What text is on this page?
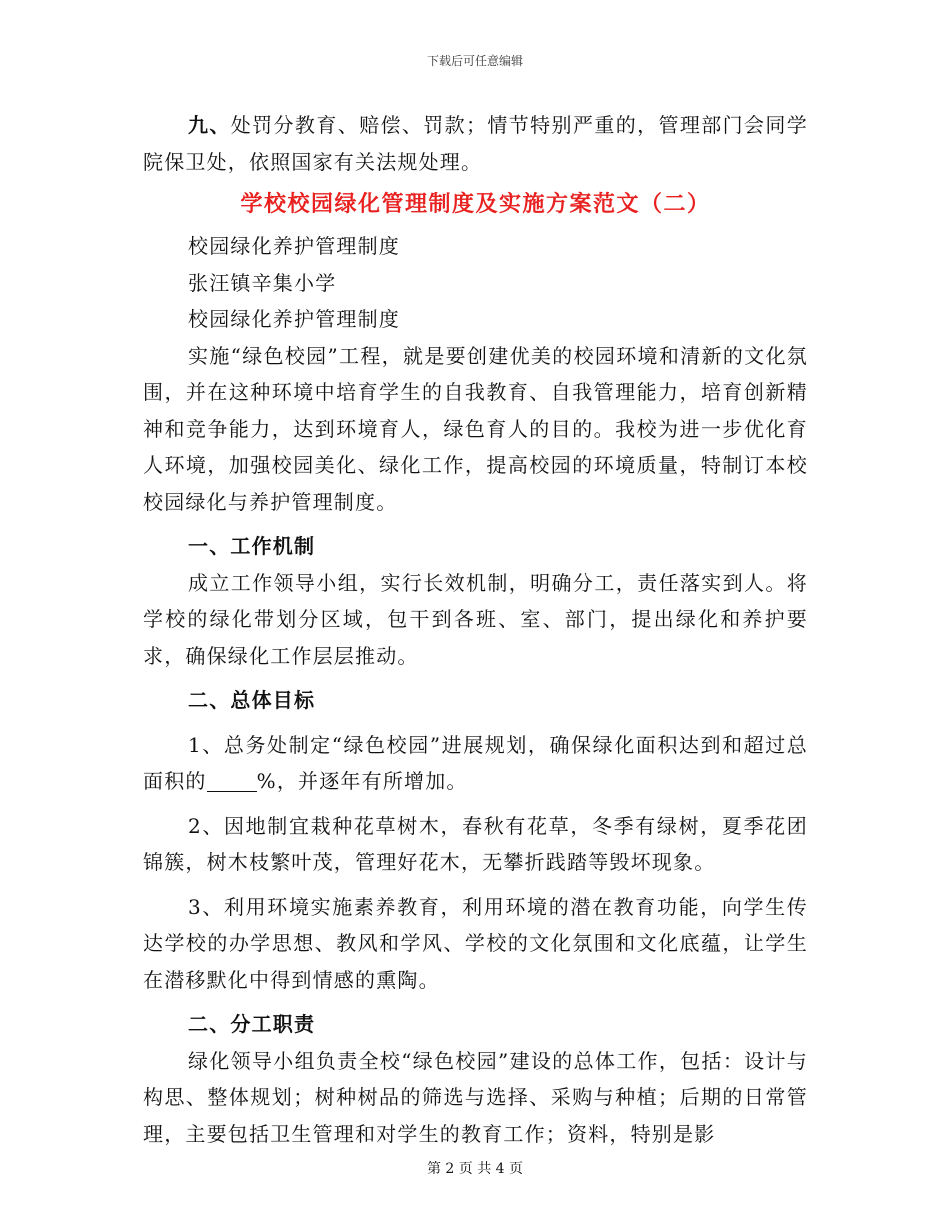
下载后可任意编辑

九、处罚分教育、赔偿、罚款；情节特别严重的，管理部门会同学院保卫处，依照国家有关法规处理。

学校校园绿化管理制度及实施方案范文（二）

校园绿化养护管理制度

张汪镇辛集小学

校园绿化养护管理制度

实施“绿色校园”工程，就是要创建优美的校园环境和清新的文化氛围，并在这种环境中培育学生的自我教育、自我管理能力，培育创新精神和竞争能力，达到环境育人，绿色育人的目的。我校为进一步优化育人环境，加强校园美化、绿化工作，提高校园的环境质量，特制订本校校园绿化与养护管理制度。

一、工作机制

成立工作领导小组，实行长效机制，明确分工，责任落实到人。将学校的绿化带划分区域，包干到各班、室、部门，提出绿化和养护要求，确保绿化工作层层推动。

二、总体目标

1、总务处制定“绿色校园”进展规划，确保绿化面积达到和超过总面积的	%，并逐年有所增加。

2、因地制宜栽种花草树木，春秋有花草，冬季有绿树，夏季花团锦簇，树木枝繁叶茂，管理好花木，无攀折践踏等毁坏现象。

3、利用环境实施素养教育，利用环境的潜在教育功能，向学生传达学校的办学思想、教风和学风、学校的文化氛围和文化底蕴，让学生在潜移默化中得到情感的熏陶。

二、分工职责

绿化领导小组负责全校“绿色校园”建设的总体工作，包括：设计与构思、整体规划；树种树品的筛选与选择、采购与种植；后期的日常管理，主要包括卫生管理和对学生的教育工作；资料，特别是影

第 2 页 共 4 页
